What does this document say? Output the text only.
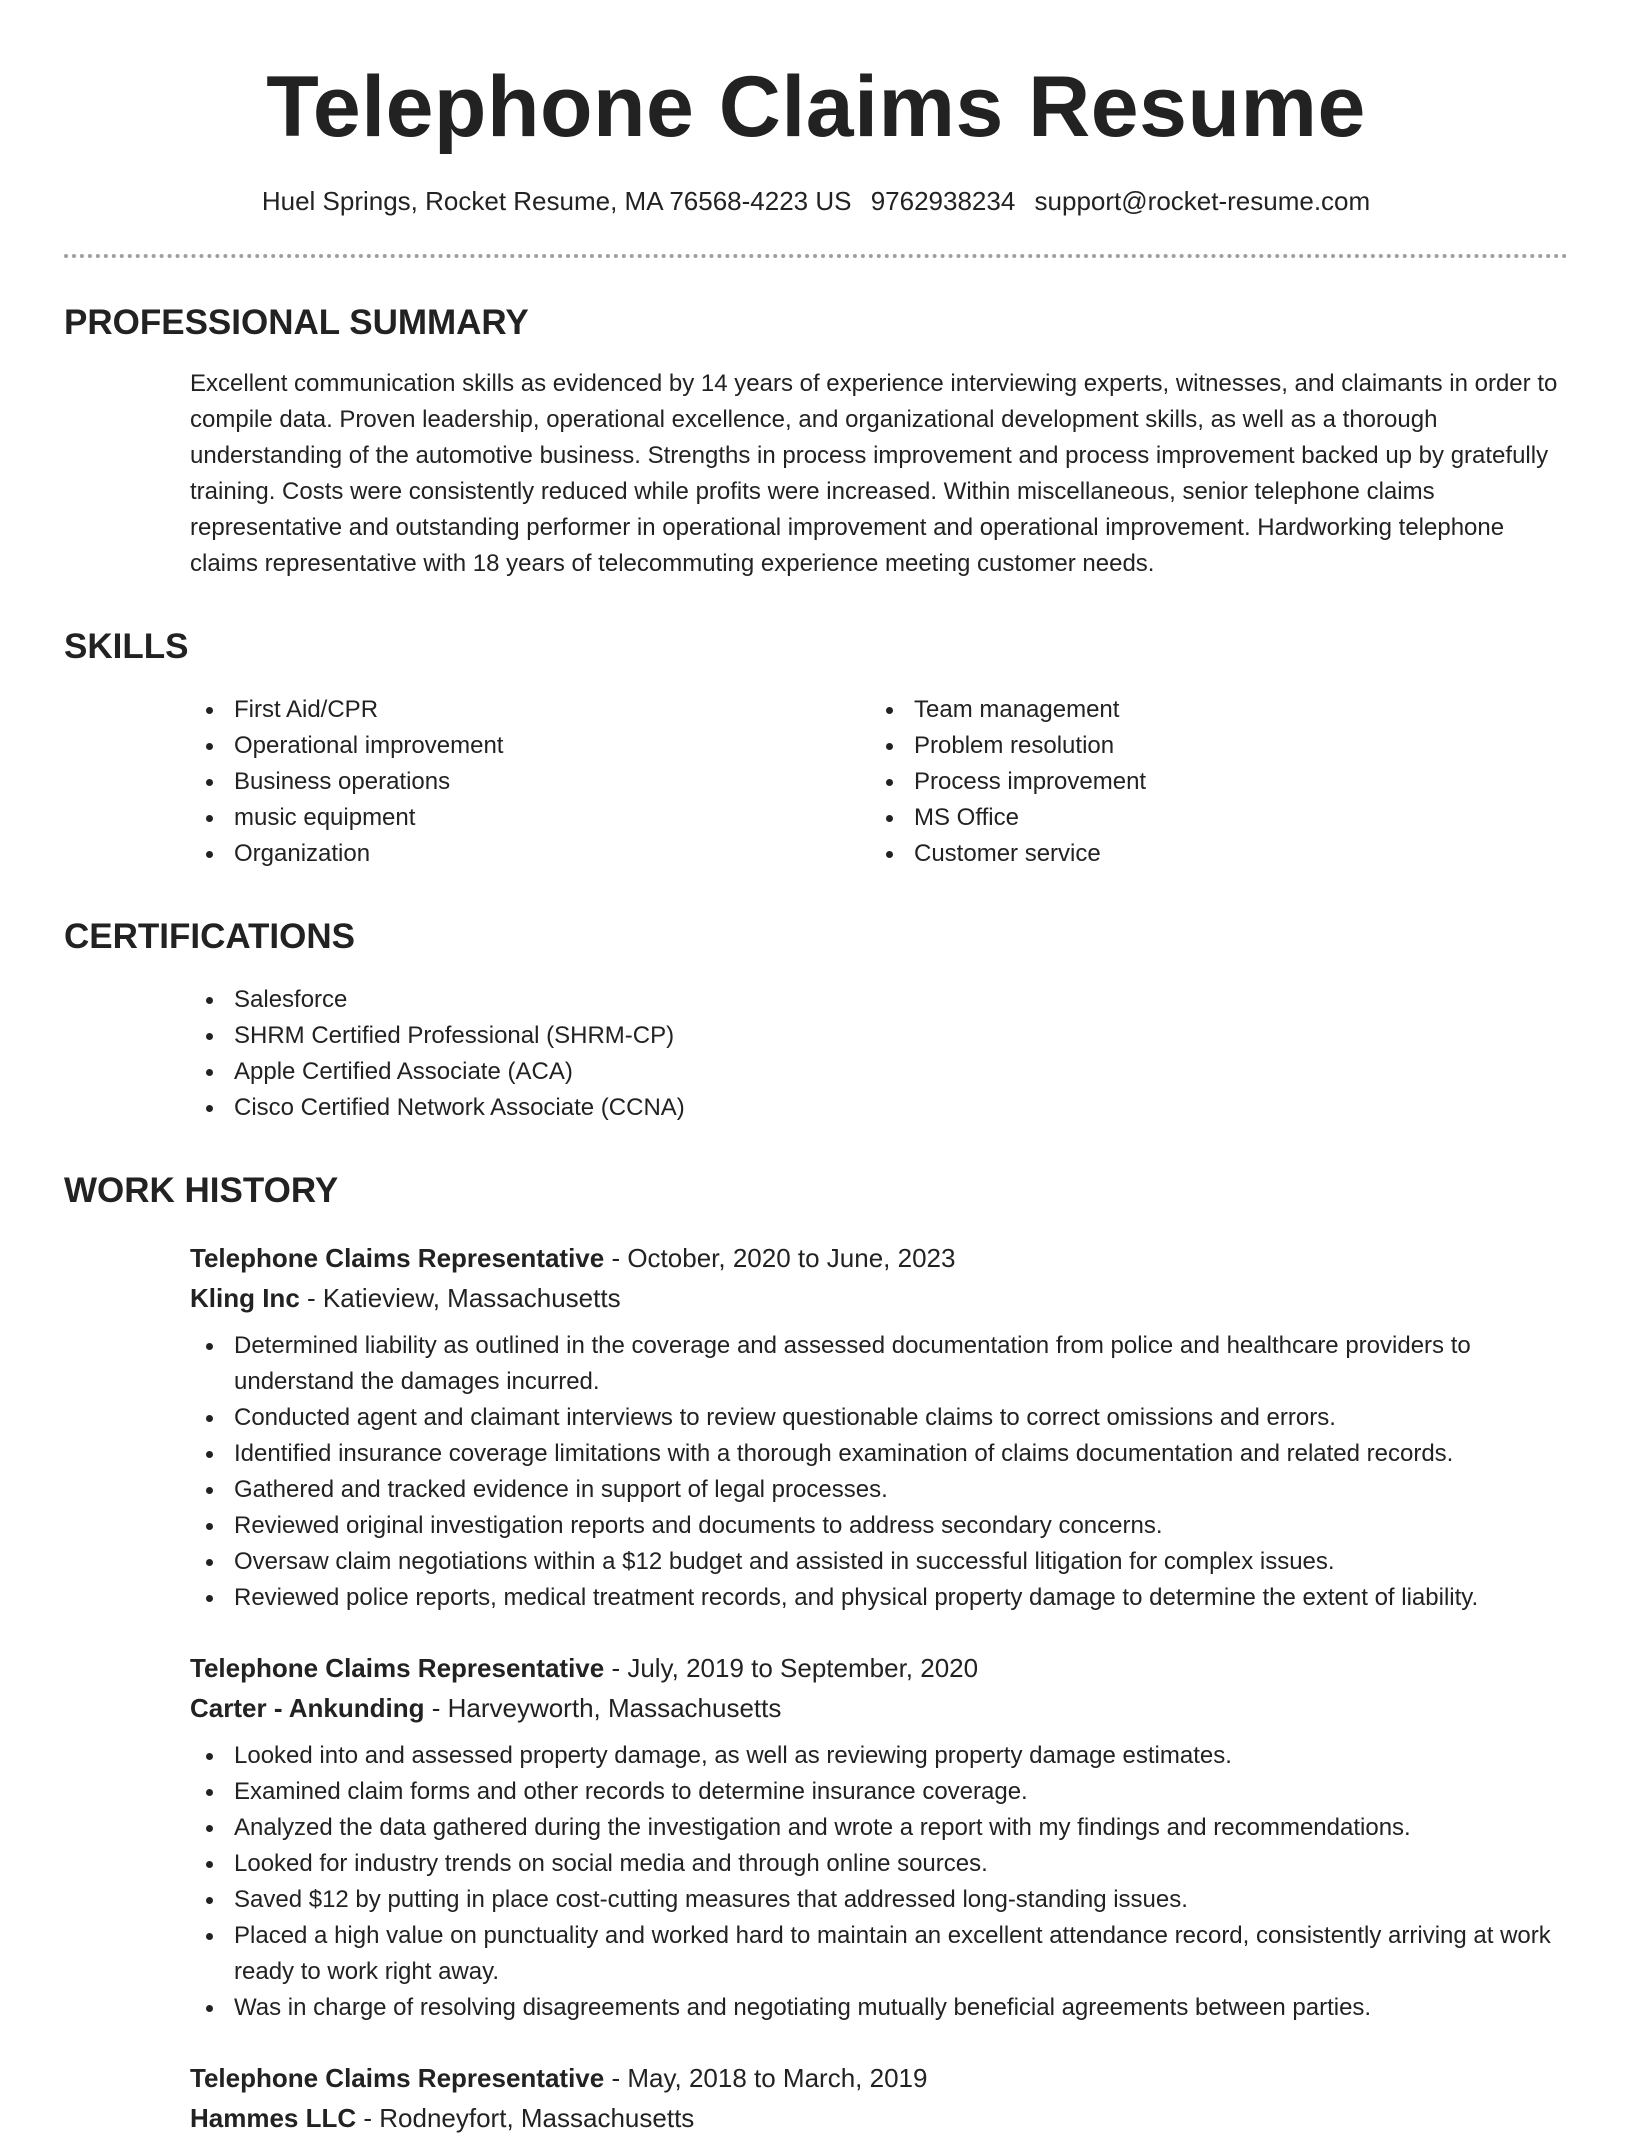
Telephone Claims Resume
Huel Springs, Rocket Resume, MA 76568-4223 US 9762938234 support@rocket-resume.com
PROFESSIONAL SUMMARY
Excellent communication skills as evidenced by 14 years of experience interviewing experts, witnesses, and claimants in order to compile data. Proven leadership, operational excellence, and organizational development skills, as well as a thorough understanding of the automotive business. Strengths in process improvement and process improvement backed up by gratefully training. Costs were consistently reduced while profits were increased. Within miscellaneous, senior telephone claims representative and outstanding performer in operational improvement and operational improvement. Hardworking telephone claims representative with 18 years of telecommuting experience meeting customer needs.
SKILLS
First Aid/CPR
Operational improvement
Business operations
music equipment
Organization
Team management
Problem resolution
Process improvement
MS Office
Customer service
CERTIFICATIONS
Salesforce
SHRM Certified Professional (SHRM-CP)
Apple Certified Associate (ACA)
Cisco Certified Network Associate (CCNA)
WORK HISTORY
Telephone Claims Representative - October, 2020 to June, 2023
Kling Inc - Katieview, Massachusetts
Determined liability as outlined in the coverage and assessed documentation from police and healthcare providers to understand the damages incurred.
Conducted agent and claimant interviews to review questionable claims to correct omissions and errors.
Identified insurance coverage limitations with a thorough examination of claims documentation and related records.
Gathered and tracked evidence in support of legal processes.
Reviewed original investigation reports and documents to address secondary concerns.
Oversaw claim negotiations within a $12 budget and assisted in successful litigation for complex issues.
Reviewed police reports, medical treatment records, and physical property damage to determine the extent of liability.
Telephone Claims Representative - July, 2019 to September, 2020
Carter - Ankunding - Harveyworth, Massachusetts
Looked into and assessed property damage, as well as reviewing property damage estimates.
Examined claim forms and other records to determine insurance coverage.
Analyzed the data gathered during the investigation and wrote a report with my findings and recommendations.
Looked for industry trends on social media and through online sources.
Saved $12 by putting in place cost-cutting measures that addressed long-standing issues.
Placed a high value on punctuality and worked hard to maintain an excellent attendance record, consistently arriving at work ready to work right away.
Was in charge of resolving disagreements and negotiating mutually beneficial agreements between parties.
Telephone Claims Representative - May, 2018 to March, 2019
Hammes LLC - Rodneyfort, Massachusetts
